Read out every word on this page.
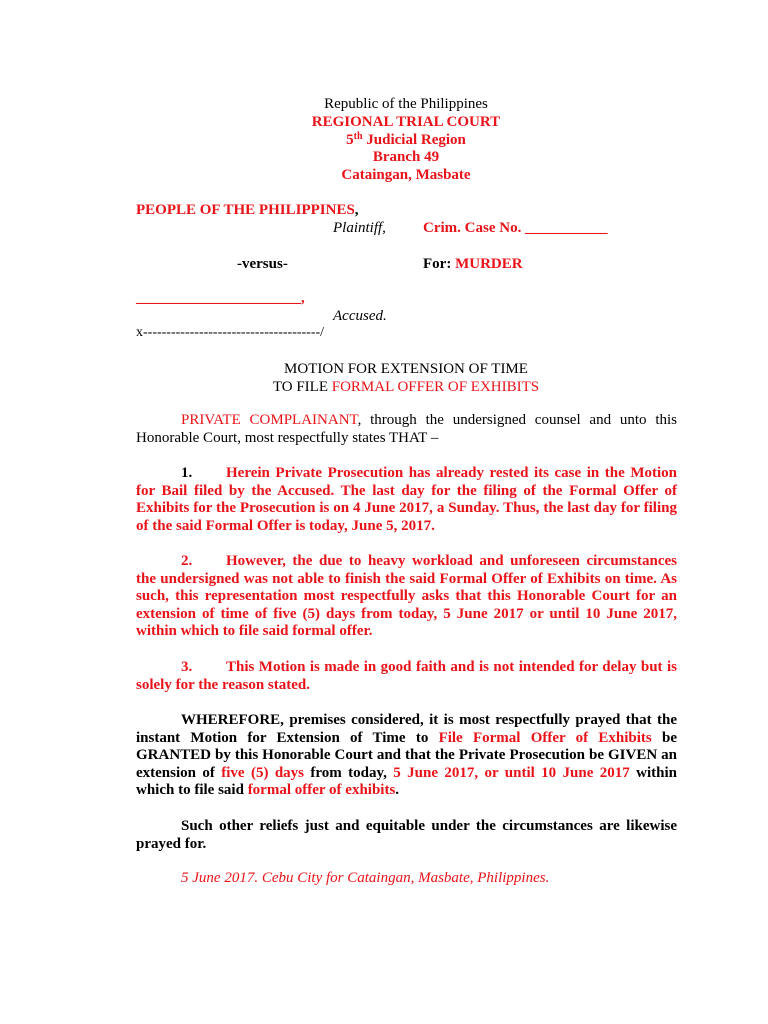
Republic of the Philippines
REGIONAL TRIAL COURT
5th Judicial Region
Branch 49
Cataingan, Masbate
PEOPLE OF THE PHILIPPINES,
Plaintiff, Crim. Case No. ___________
-versus-	For: MURDER
______________________,
Accused.
x--------------------------------------/
MOTION FOR EXTENSION OF TIME
TO FILE FORMAL OFFER OF EXHIBITS
PRIVATE COMPLAINANT, through the undersigned counsel and unto this Honorable Court, most respectfully states THAT –
1. Herein Private Prosecution has already rested its case in the Motion for Bail filed by the Accused. The last day for the filing of the Formal Offer of Exhibits for the Prosecution is on 4 June 2017, a Sunday. Thus, the last day for filing of the said Formal Offer is today, June 5, 2017.
2. However, the due to heavy workload and unforeseen circumstances the undersigned was not able to finish the said Formal Offer of Exhibits on time. As such, this representation most respectfully asks that this Honorable Court for an extension of time of five (5) days from today, 5 June 2017 or until 10 June 2017, within which to file said formal offer.
3. This Motion is made in good faith and is not intended for delay but is solely for the reason stated.
WHEREFORE, premises considered, it is most respectfully prayed that the instant Motion for Extension of Time to File Formal Offer of Exhibits be GRANTED by this Honorable Court and that the Private Prosecution be GIVEN an extension of five (5) days from today, 5 June 2017, or until 10 June 2017 within which to file said formal offer of exhibits.
Such other reliefs just and equitable under the circumstances are likewise prayed for.
5 June 2017. Cebu City for Cataingan, Masbate, Philippines.
